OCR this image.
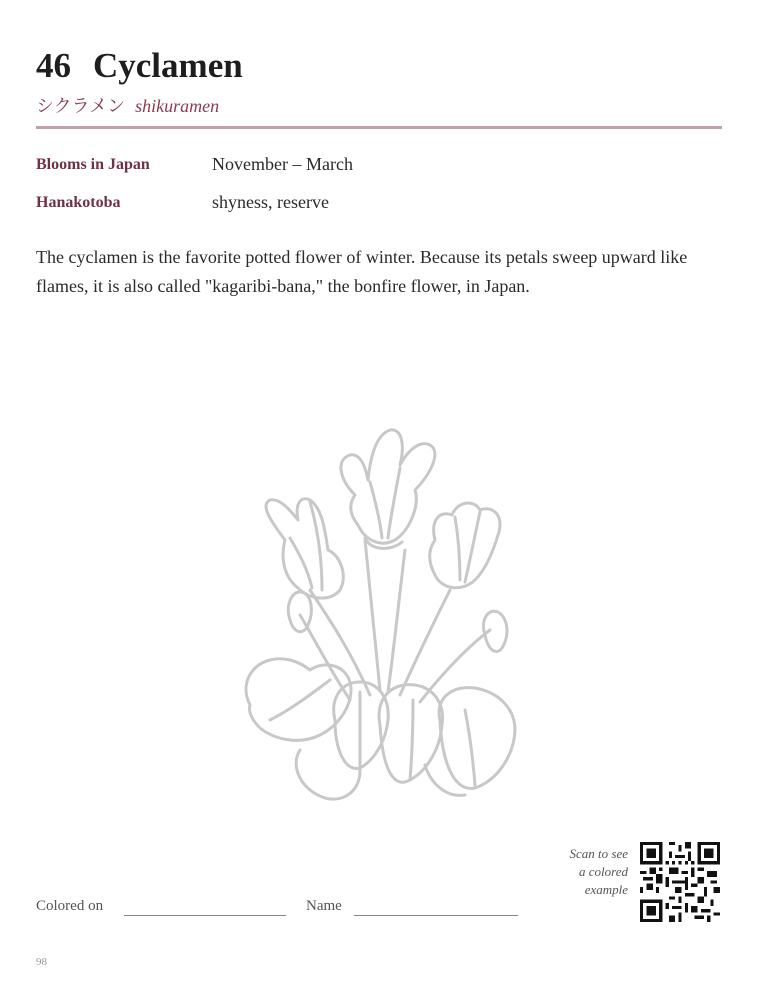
46 Cyclamen
シクラメン shikuramen
Blooms in Japan	November – March
Hanakotoba	shyness, reserve

The cyclamen is the favorite potted flower of winter. Because its petals sweep upward like flames, it is also called "kagaribi-bana," the bonfire flower, in Japan.

Scan to see
a colored
example
Colored on	Name
98
